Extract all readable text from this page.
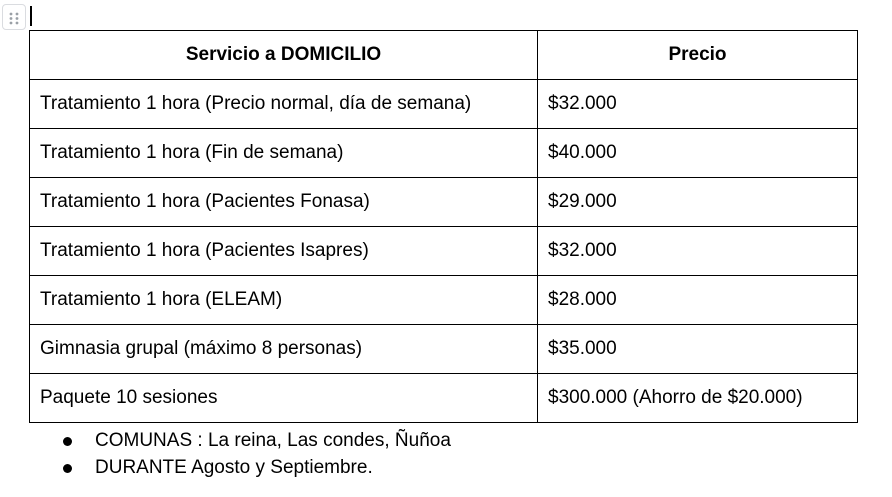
Servicio a DOMICILIO	Precio
Tratamiento 1 hora (Precio normal, día de semana)	$32.000
Tratamiento 1 hora (Fin de semana)	$40.000
Tratamiento 1 hora (Pacientes Fonasa)	$29.000
Tratamiento 1 hora (Pacientes Isapres)	$32.000
Tratamiento 1 hora (ELEAM)	$28.000
Gimnasia grupal (máximo 8 personas)	$35.000
Paquete 10 sesiones	$300.000 (Ahorro de $20.000)
COMUNAS : La reina, Las condes, Ñuñoa
DURANTE Agosto y Septiembre.
